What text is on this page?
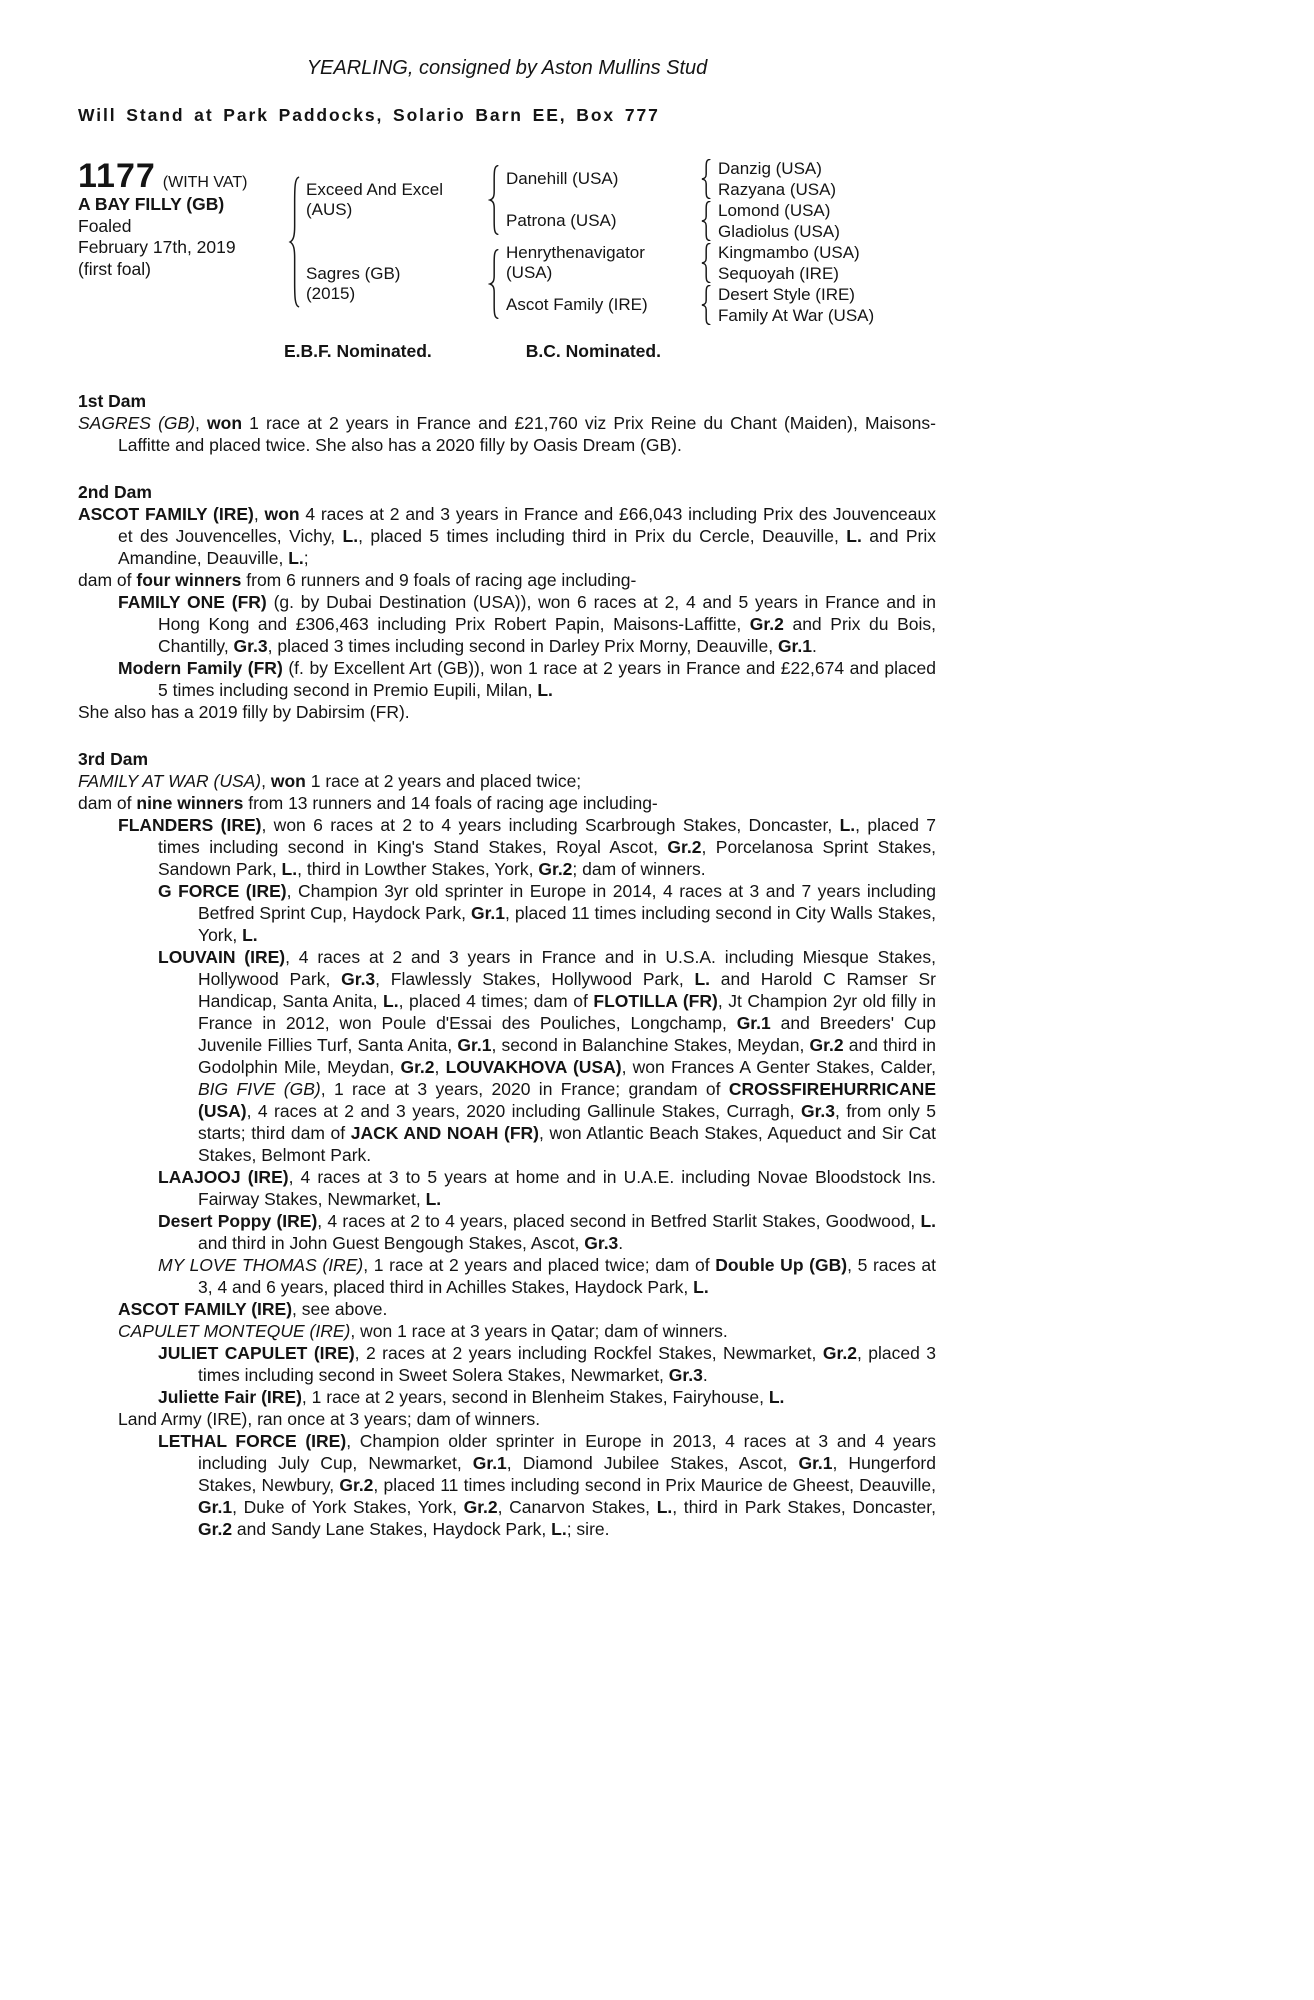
YEARLING, consigned by Aston Mullins Stud
Will Stand at Park Paddocks, Solario Barn EE, Box 777
1177 (WITH VAT)
A BAY FILLY (GB)
Foaled
February 17th, 2019
(first foal)
Exceed And Excel
(AUS)
Sagres (GB)
(2015)
Danehill (USA)
Patrona (USA)
Henrythenavigator
(USA)
Ascot Family (IRE)
Danzig (USA)
Razyana (USA)
Lomond (USA)
Gladiolus (USA)
Kingmambo (USA)
Sequoyah (IRE)
Desert Style (IRE)
Family At War (USA)
E.B.F. Nominated.	B.C. Nominated.
1st Dam

SAGRES (GB), won 1 race at 2 years in France and £21,760 viz Prix Reine du Chant (Maiden), Maisons-Laffitte and placed twice. She also has a 2020 filly by Oasis Dream (GB).

2nd Dam

ASCOT FAMILY (IRE), won 4 races at 2 and 3 years in France and £66,043 including Prix des Jouvenceaux et des Jouvencelles, Vichy, L., placed 5 times including third in Prix du Cercle, Deauville, L. and Prix Amandine, Deauville, L.;

dam of four winners from 6 runners and 9 foals of racing age including-

FAMILY ONE (FR) (g. by Dubai Destination (USA)), won 6 races at 2, 4 and 5 years in France and in Hong Kong and £306,463 including Prix Robert Papin, Maisons-Laffitte, Gr.2 and Prix du Bois, Chantilly, Gr.3, placed 3 times including second in Darley Prix Morny, Deauville, Gr.1.

Modern Family (FR) (f. by Excellent Art (GB)), won 1 race at 2 years in France and £22,674 and placed 5 times including second in Premio Eupili, Milan, L.

She also has a 2019 filly by Dabirsim (FR).

3rd Dam

FAMILY AT WAR (USA), won 1 race at 2 years and placed twice;

dam of nine winners from 13 runners and 14 foals of racing age including-

FLANDERS (IRE), won 6 races at 2 to 4 years including Scarbrough Stakes, Doncaster, L., placed 7 times including second in King's Stand Stakes, Royal Ascot, Gr.2, Porcelanosa Sprint Stakes, Sandown Park, L., third in Lowther Stakes, York, Gr.2; dam of winners.

G FORCE (IRE), Champion 3yr old sprinter in Europe in 2014, 4 races at 3 and 7 years including Betfred Sprint Cup, Haydock Park, Gr.1, placed 11 times including second in City Walls Stakes, York, L.

LOUVAIN (IRE), 4 races at 2 and 3 years in France and in U.S.A. including Miesque Stakes, Hollywood Park, Gr.3, Flawlessly Stakes, Hollywood Park, L. and Harold C Ramser Sr Handicap, Santa Anita, L., placed 4 times; dam of FLOTILLA (FR), Jt Champion 2yr old filly in France in 2012, won Poule d'Essai des Pouliches, Longchamp, Gr.1 and Breeders' Cup Juvenile Fillies Turf, Santa Anita, Gr.1, second in Balanchine Stakes, Meydan, Gr.2 and third in Godolphin Mile, Meydan, Gr.2, LOUVAKHOVA (USA), won Frances A Genter Stakes, Calder, BIG FIVE (GB), 1 race at 3 years, 2020 in France; grandam of CROSSFIREHURRICANE (USA), 4 races at 2 and 3 years, 2020 including Gallinule Stakes, Curragh, Gr.3, from only 5 starts; third dam of JACK AND NOAH (FR), won Atlantic Beach Stakes, Aqueduct and Sir Cat Stakes, Belmont Park.

LAAJOOJ (IRE), 4 races at 3 to 5 years at home and in U.A.E. including Novae Bloodstock Ins. Fairway Stakes, Newmarket, L.

Desert Poppy (IRE), 4 races at 2 to 4 years, placed second in Betfred Starlit Stakes, Goodwood, L. and third in John Guest Bengough Stakes, Ascot, Gr.3.

MY LOVE THOMAS (IRE), 1 race at 2 years and placed twice; dam of Double Up (GB), 5 races at 3, 4 and 6 years, placed third in Achilles Stakes, Haydock Park, L.

ASCOT FAMILY (IRE), see above.

CAPULET MONTEQUE (IRE), won 1 race at 3 years in Qatar; dam of winners.

JULIET CAPULET (IRE), 2 races at 2 years including Rockfel Stakes, Newmarket, Gr.2, placed 3 times including second in Sweet Solera Stakes, Newmarket, Gr.3.

Juliette Fair (IRE), 1 race at 2 years, second in Blenheim Stakes, Fairyhouse, L.

Land Army (IRE), ran once at 3 years; dam of winners.

LETHAL FORCE (IRE), Champion older sprinter in Europe in 2013, 4 races at 3 and 4 years including July Cup, Newmarket, Gr.1, Diamond Jubilee Stakes, Ascot, Gr.1, Hungerford Stakes, Newbury, Gr.2, placed 11 times including second in Prix Maurice de Gheest, Deauville, Gr.1, Duke of York Stakes, York, Gr.2, Canarvon Stakes, L., third in Park Stakes, Doncaster, Gr.2 and Sandy Lane Stakes, Haydock Park, L.; sire.
